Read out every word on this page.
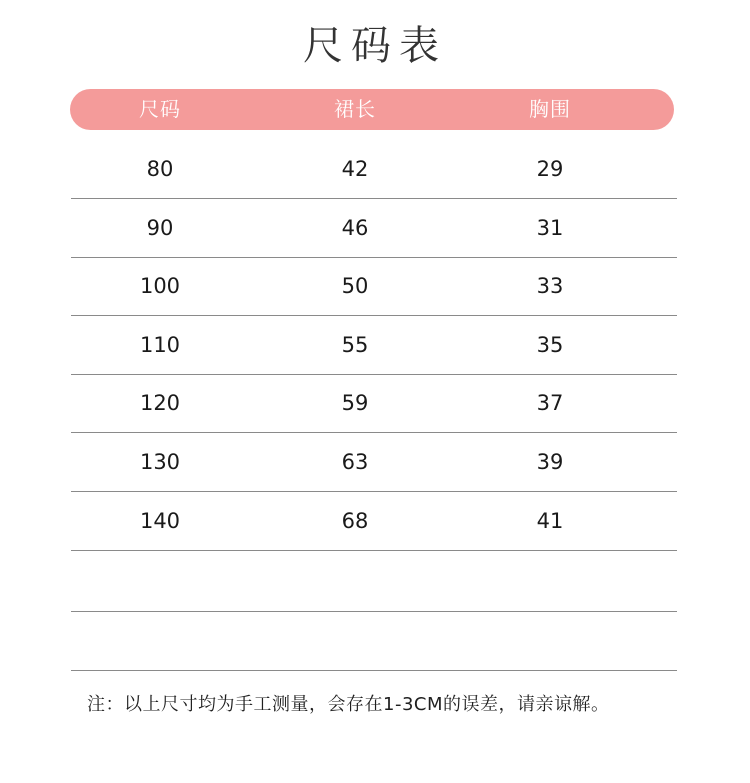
尺码表
尺码	裙长	胸围
80	42	29
90	46	31
100	50	33
110	55	35
120	59	37
130	63	39
140	68	41
注：以上尺寸均为手工测量，会存在1-3CM的误差，请亲谅解。
